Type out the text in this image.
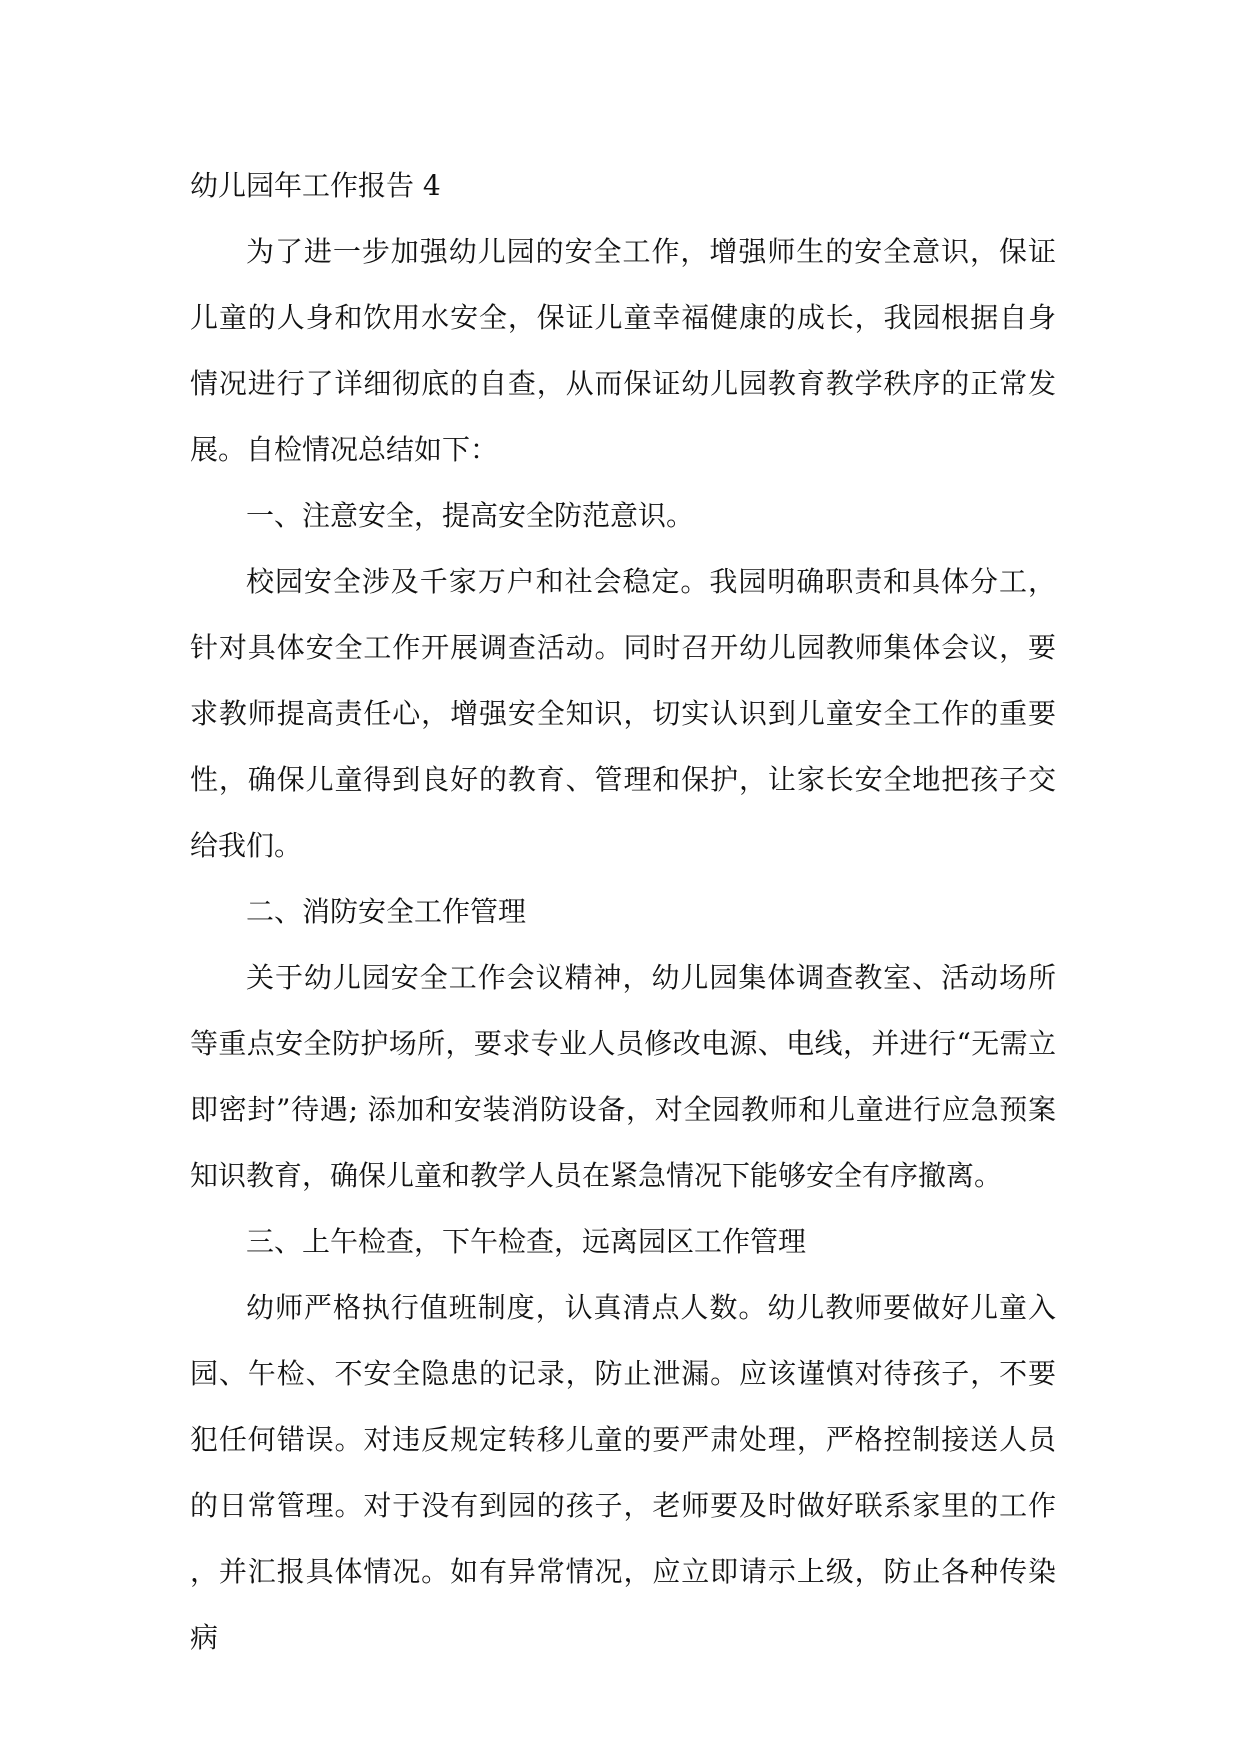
幼儿园年工作报告 4

为了进一步加强幼儿园的安全工作，增强师生的安全意识，保证儿童的人身和饮用水安全，保证儿童幸福健康的成长，我园根据自身情况进行了详细彻底的自查，从而保证幼儿园教育教学秩序的正常发展。自检情况总结如下：

一、注意安全，提高安全防范意识。

校园安全涉及千家万户和社会稳定。我园明确职责和具体分工，针对具体安全工作开展调查活动。同时召开幼儿园教师集体会议，要求教师提高责任心，增强安全知识，切实认识到儿童安全工作的重要性，确保儿童得到良好的教育、管理和保护，让家长安全地把孩子交给我们。

二、消防安全工作管理

关于幼儿园安全工作会议精神，幼儿园集体调查教室、活动场所等重点安全防护场所，要求专业人员修改电源、电线，并进行“无需立即密封”待遇; 添加和安装消防设备，对全园教师和儿童进行应急预案知识教育，确保儿童和教学人员在紧急情况下能够安全有序撤离。

三、上午检查，下午检查，远离园区工作管理

幼师严格执行值班制度，认真清点人数。幼儿教师要做好儿童入园、午检、不安全隐患的记录，防止泄漏。应该谨慎对待孩子，不要犯任何错误。对违反规定转移儿童的要严肃处理，严格控制接送人员的日常管理。对于没有到园的孩子，老师要及时做好联系家里的工作，并汇报具体情况。如有异常情况，应立即请示上级，防止各种传染病
